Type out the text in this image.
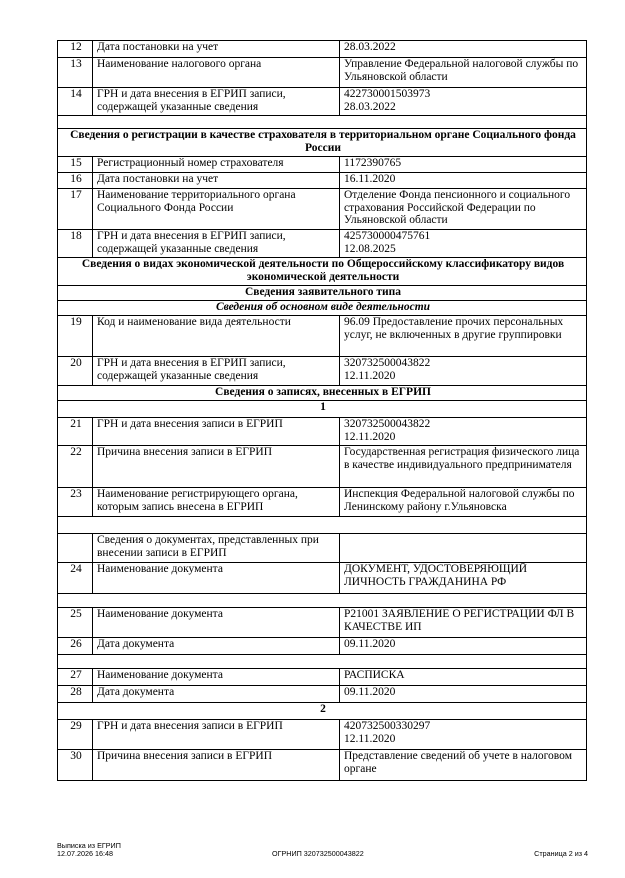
12	Дата постановки на учет	28.03.2022
13	Наименование налогового органа	Управление Федеральной налоговой службы по Ульяновской области
14	ГРН и дата внесения в ЕГРИП записи, содержащей указанные сведения	422730001503973
28.03.2022

Сведения о регистрации в качестве страхователя в территориальном органе Социального фонда России		
15	Регистрационный номер страхователя	1172390765
16	Дата постановки на учет	16.11.2020
17	Наименование территориального органа Социального Фонда России	Отделение Фонда пенсионного и социального страхования Российской Федерации по Ульяновской области
18	ГРН и дата внесения в ЕГРИП записи, содержащей указанные сведения	425730000475761
12.08.2025

Сведения о видах экономической деятельности по Общероссийскому классификатору видов экономической деятельности		
Сведения заявительного типа		
Сведения об основном виде деятельности		
19	Код и наименование вида деятельности	96.09 Предоставление прочих персональных услуг, не включенных в другие группировки
20	ГРН и дата внесения в ЕГРИП записи, содержащей указанные сведения	320732500043822
12.11.2020

Сведения о записях, внесенных в ЕГРИП		
1		
21	ГРН и дата внесения записи в ЕГРИП	320732500043822
12.11.2020

22	Причина внесения записи в ЕГРИП	Государственная регистрация физического лица в качестве индивидуального предпринимателя
23	Наименование регистрирующего органа, которым запись внесена в ЕГРИП	Инспекция Федеральной налоговой службы по Ленинскому району г.Ульяновска

	Сведения о документах, представленных при внесении записи в ЕГРИП	
24	Наименование документа	ДОКУМЕНТ, УДОСТОВЕРЯЮЩИЙ ЛИЧНОСТЬ ГРАЖДАНИНА РФ

25	Наименование документа	Р21001 ЗАЯВЛЕНИЕ О РЕГИСТРАЦИИ ФЛ В КАЧЕСТВЕ ИП
26	Дата документа	09.11.2020

27	Наименование документа	РАСПИСКА
28	Дата документа	09.11.2020
2		
29	ГРН и дата внесения записи в ЕГРИП	420732500330297
12.11.2020

30	Причина внесения записи в ЕГРИП	Представление сведений об учете в налоговом органе
Выписка из ЕГРИП
12.07.2026 16:48	ОГРНИП 320732500043822	Страница 2 из 4
